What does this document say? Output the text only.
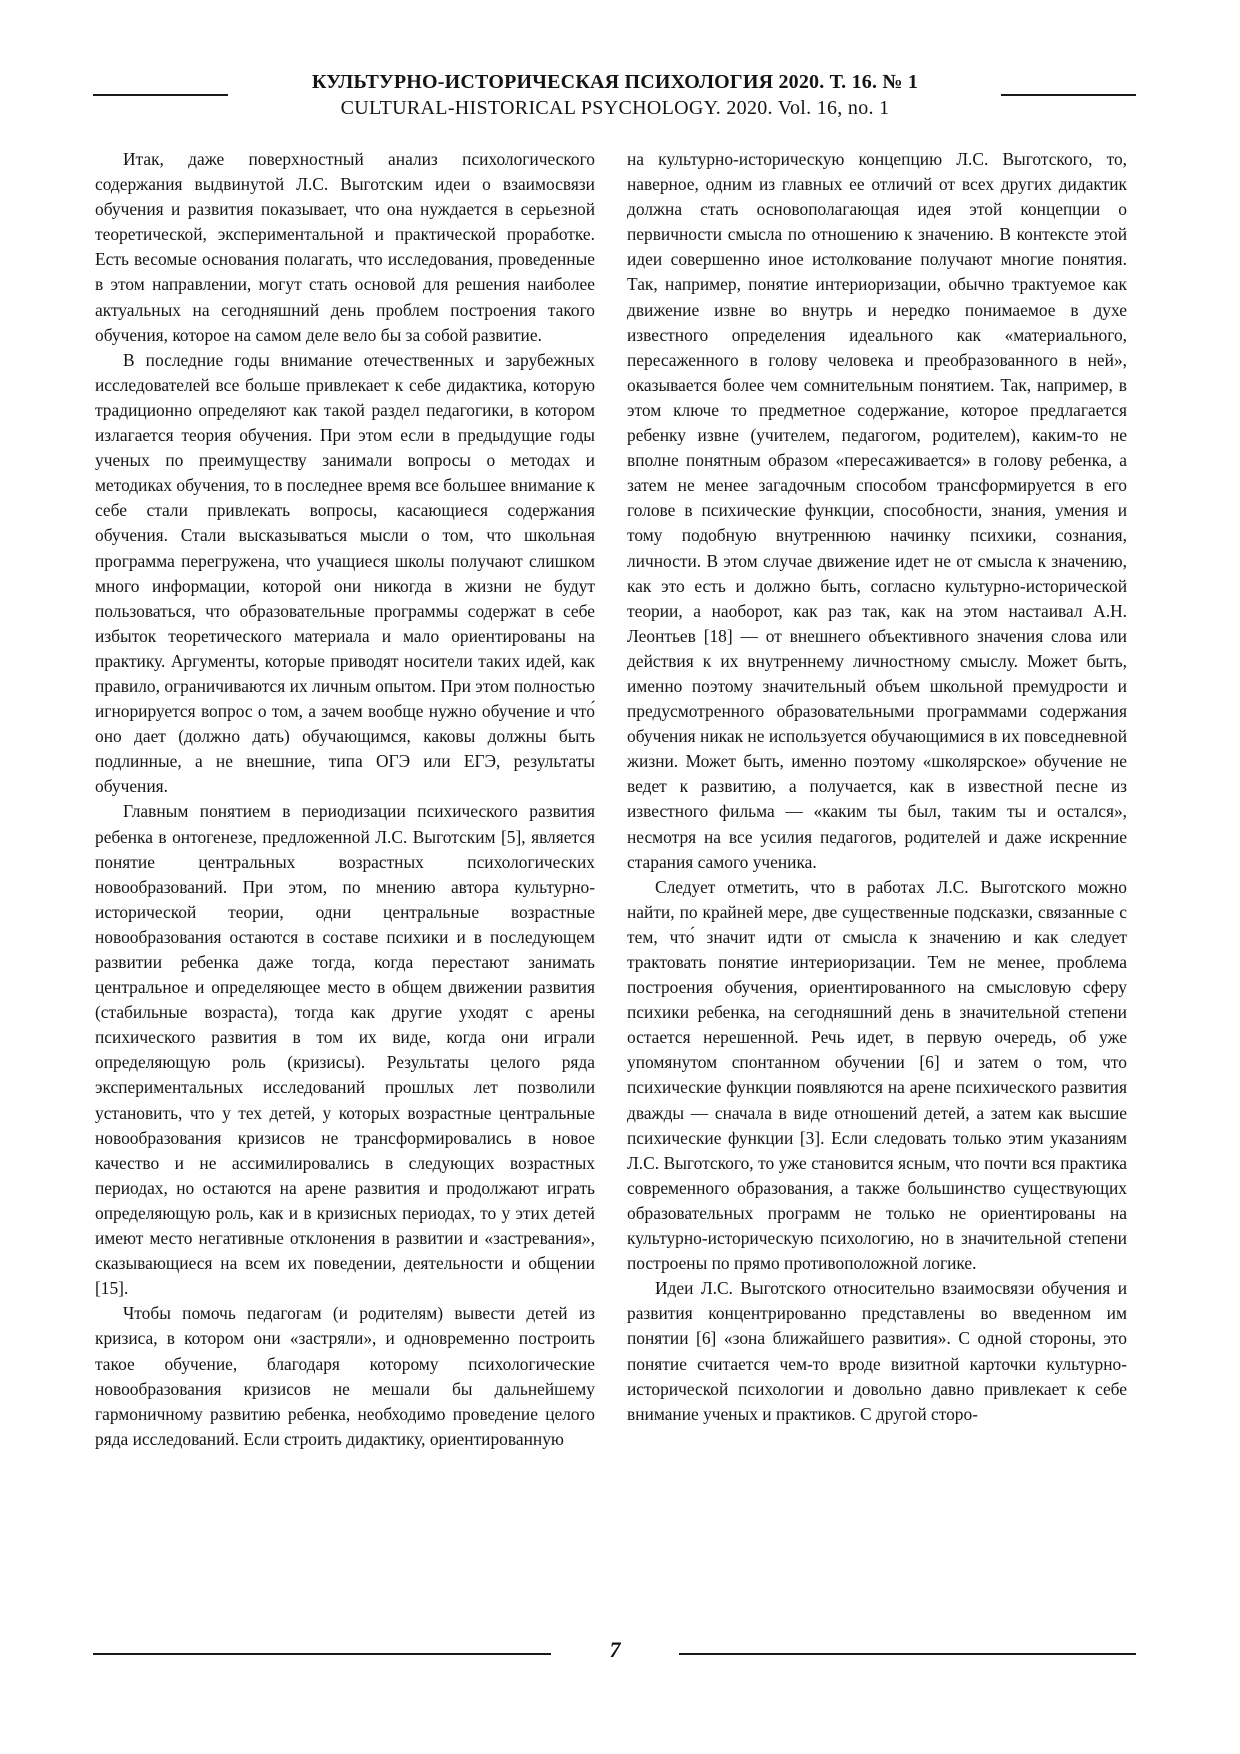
КУЛЬТУРНО-ИСТОРИЧЕСКАЯ ПСИХОЛОГИЯ 2020. Т. 16. № 1
CULTURAL-HISTORICAL PSYCHOLOGY. 2020. Vol. 16, no. 1

Итак, даже поверхностный анализ психологического содержания выдвинутой Л.С. Выготским идеи о взаимосвязи обучения и развития показывает, что она нуждается в серьезной теоретической, экспериментальной и практической проработке. Есть весомые основания полагать, что исследования, проведенные в этом направлении, могут стать основой для решения наиболее актуальных на сегодняшний день проблем построения такого обучения, которое на самом деле вело бы за собой развитие.

В последние годы внимание отечественных и зарубежных исследователей все больше привлекает к себе дидактика, которую традиционно определяют как такой раздел педагогики, в котором излагается теория обучения. При этом если в предыдущие годы ученых по преимуществу занимали вопросы о методах и методиках обучения, то в последнее время все большее внимание к себе стали привлекать вопросы, касающиеся содержания обучения. Стали высказываться мысли о том, что школьная программа перегружена, что учащиеся школы получают слишком много информации, которой они никогда в жизни не будут пользоваться, что образовательные программы содержат в себе избыток теоретического материала и мало ориентированы на практику. Аргументы, которые приводят носители таких идей, как правило, ограничиваются их личным опытом. При этом полностью игнорируется вопрос о том, а зачем вообще нужно обучение и что́ оно дает (должно дать) обучающимся, каковы должны быть подлинные, а не внешние, типа ОГЭ или ЕГЭ, результаты обучения.

Главным понятием в периодизации психического развития ребенка в онтогенезе, предложенной Л.С. Выготским [5], является понятие центральных возрастных психологических новообразований. При этом, по мнению автора культурно-исторической теории, одни центральные возрастные новообразования остаются в составе психики и в последующем развитии ребенка даже тогда, когда перестают занимать центральное и определяющее место в общем движении развития (стабильные возраста), тогда как другие уходят с арены психического развития в том их виде, когда они играли определяющую роль (кризисы). Результаты целого ряда экспериментальных исследований прошлых лет позволили установить, что у тех детей, у которых возрастные центральные новообразования кризисов не трансформировались в новое качество и не ассимилировались в следующих возрастных периодах, но остаются на арене развития и продолжают играть определяющую роль, как и в кризисных периодах, то у этих детей имеют место негативные отклонения в развитии и «застревания», сказывающиеся на всем их поведении, деятельности и общении [15].

Чтобы помочь педагогам (и родителям) вывести детей из кризиса, в котором они «застряли», и одновременно построить такое обучение, благодаря которому психологические новообразования кризисов не мешали бы дальнейшему гармоничному развитию ребенка, необходимо проведение целого ряда исследований. Если строить дидактику, ориентированную

на культурно-историческую концепцию Л.С. Выготского, то, наверное, одним из главных ее отличий от всех других дидактик должна стать основополагающая идея этой концепции о первичности смысла по отношению к значению. В контексте этой идеи совершенно иное истолкование получают многие понятия. Так, например, понятие интериоризации, обычно трактуемое как движение извне во внутрь и нередко понимаемое в духе известного определения идеального как «материального, пересаженного в голову человека и преобразованного в ней», оказывается более чем сомнительным понятием. Так, например, в этом ключе то предметное содержание, которое предлагается ребенку извне (учителем, педагогом, родителем), каким-то не вполне понятным образом «пересаживается» в голову ребенка, а затем не менее загадочным способом трансформируется в его голове в психические функции, способности, знания, умения и тому подобную внутреннюю начинку психики, сознания, личности. В этом случае движение идет не от смысла к значению, как это есть и должно быть, согласно культурно-исторической теории, а наоборот, как раз так, как на этом настаивал А.Н. Леонтьев [18] — от внешнего объективного значения слова или действия к их внутреннему личностному смыслу. Может быть, именно поэтому значительный объем школьной премудрости и предусмотренного образовательными программами содержания обучения никак не используется обучающимися в их повседневной жизни. Может быть, именно поэтому «школярское» обучение не ведет к развитию, а получается, как в известной песне из известного фильма — «каким ты был, таким ты и остался», несмотря на все усилия педагогов, родителей и даже искренние старания самого ученика.

Следует отметить, что в работах Л.С. Выготского можно найти, по крайней мере, две существенные подсказки, связанные с тем, что́ значит идти от смысла к значению и как следует трактовать понятие интериоризации. Тем не менее, проблема построения обучения, ориентированного на смысловую сферу психики ребенка, на сегодняшний день в значительной степени остается нерешенной. Речь идет, в первую очередь, об уже упомянутом спонтанном обучении [6] и затем о том, что психические функции появляются на арене психического развития дважды — сначала в виде отношений детей, а затем как высшие психические функции [3]. Если следовать только этим указаниям Л.С. Выготского, то уже становится ясным, что почти вся практика современного образования, а также большинство существующих образовательных программ не только не ориентированы на культурно-историческую психологию, но в значительной степени построены по прямо противоположной логике.

Идеи Л.С. Выготского относительно взаимосвязи обучения и развития концентрированно представлены во введенном им понятии [6] «зона ближайшего развития». С одной стороны, это понятие считается чем-то вроде визитной карточки культурно-исторической психологии и довольно давно привлекает к себе внимание ученых и практиков. С другой сторо-

7
